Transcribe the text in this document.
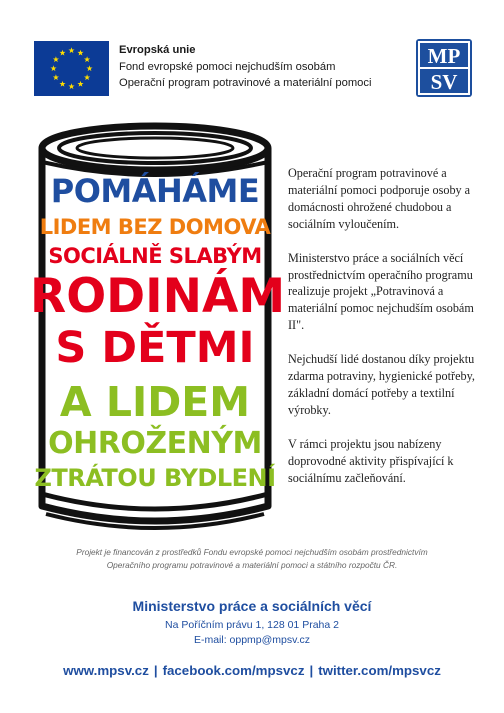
Evropská unie
Fond evropské pomoci nejchudším osobám
Operační program potravinové a materiální pomoci
MP
SV
POMÁHÁME
LIDEM BEZ DOMOVA
SOCIÁLNĚ SLABÝM
RODINÁM
S DĚTMI
A LIDEM
OHROŽENÝM
ZTRÁTOU BYDLENÍ

Operační program potravinové a materiální pomoci podporuje osoby a domácnosti ohrožené chudobou a sociálním vyloučením.

Ministerstvo práce a sociálních věcí prostřednictvím operačního programu realizuje projekt „Potravinová a materiální pomoc nejchudším osobám II".

Nejchudší lidé dostanou díky projektu zdarma potraviny, hygienické potřeby, základní domácí potřeby a textilní výrobky.

V rámci projektu jsou nabízeny doprovodné aktivity přispívající k sociálnímu začleňování.

Projekt je financován z prostředků Fondu evropské pomoci nejchudším osobám prostřednictvím
Operačního programu potravinové a materiální pomoci a státního rozpočtu ČR.
Ministerstvo práce a sociálních věcí
Na Poříčním právu 1, 128 01 Praha 2
E-mail: oppmp@mpsv.cz
www.mpsv.cz | facebook.com/mpsvcz | twitter.com/mpsvcz
